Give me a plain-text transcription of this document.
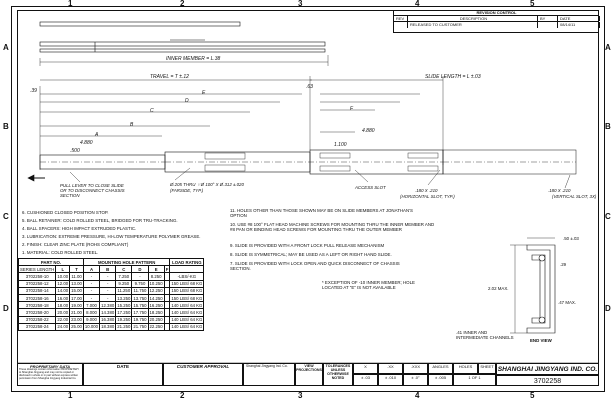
1	2	3	4	5
A
B
C
D
A
B
C
D
1	2	3	4	5
REVISION CONTROL
REV	DESCRIPTION	BY	DATE
RELEASED TO CUSTOMER	08/14/11
INNER MEMBER = L.38
TRAVEL = T ±.12	SLIDE LENGTH = L ±.03
.39
.63
E
D
C
B
A
F
4.880
.500
4.880
1.100
PULL LEVER TO CLOSE SLIDE OR TO DISCONNECT CHASSIS SECTION
Ø.205 THRU ⌔Ø 100° X Ø.312 ±.020 (FARSIDE, TYP.)
ACCESS SLOT
.180 X .210
(HORIZONTAL SLOT, TYP.)
.180 X .210
(VERTICAL SLOT, 3X)
6. CUSHIONED CLOSED POSITION STOP.
5. BALL RETAINER: COLD ROLLED STEEL, BRIDGED FOR TRU-TRACKING.
4. BALL SPACERS: HIGH IMPACT EXTRUDED PLASTIC.
3. LUBRICATION: EXTREME PRESSURE, HI-LOW TEMPERATURE POLYMER GREASE.
2. FINISH: CLEAR ZINC PLATE (ROHS COMPLIANT)
1. MATERIAL: COLD ROLLED STEEL.
11. HOLES OTHER THAN THOSE SHOWN MAY BE ON SLIDE MEMBERS AT JONATHAN'S OPTION
10. USE #8 100° FLAT HEAD MACHINE SCREWS FOR MOUNTING THRU THE INNER MEMBER AND #8 PAN OR BINDING HEAD SCREWS FOR MOUNTING THRU THE OUTER MEMBER
9. SLIDE IS PROVIDED WITH A FRONT LOCK PULL RELEASE MECHANISM
8. SLIDE IS SYMMETRICAL; MAY BE USED AS A LEFT OR RIGHT HAND SLIDE.
7. SLIDE IS PROVIDED WITH LOCK OPEN AND QUICK DISCONNECT OF CHASSIS SECTION.
* EXCEPTION OF -10 INNER MEMBER; HOLE LOCATED AT "E" IS NOT AVAILABLE
END VIEW
2.02 MAX.
.50 ±.03
.29
.47 MAX.
.41 INNER AND INTERMEDIATE CHANNELS
PART NO.			MOUNTING HOLE PATTERN						LOAD RATING
SERIES LENGTH	L	T	A	B	C	D	E	F	
3702258-10	10.00	11.00	-	-	7.250	-	8.250		-LBS/-KG
3702258-12	12.00	13.00	-	-	9.250	9.750	10.250		150 LBS/ 68 KG
3702258-14	14.00	15.00	-	-	11.250	11.750	12.250		150 LBS/ 68 KG
3702258-16	16.00	17.00	-	-	13.250	13.750	14.250		150 LBS/ 68 KG
3702258-18	18.00	19.00	7.000	12.380	15.250	15.750	16.250		140 LBS/ 64 KG
3702258-20	20.00	21.00	8.000	14.380	17.250	17.750	18.250		140 LBS/ 64 KG
3702258-22	22.00	23.00	9.000	16.380	19.250	19.750	20.250		140 LBS/ 64 KG
3702258-24	24.00	25.00	10.000	18.380	21.250	21.750	22.250		140 LBS/ 64 KG
PROPRIETARY DATA
These drawings contain information PROPRIETARY to Shanghai Jingyang and may not be copied or disclosed in whole or in part without express written permission from Shanghai Jingyang Industrial Co.
DATE	CUSTOMER APPROVAL	Shanghai Jingyang Ind. Co.	VIEW PROJECTIONS
TOLERANCES UNLESS OTHERWISE NOTED
X	.XX	.XXX	ANGLES	HOLES	SHEET
± .03	± .010	± .0°	± .005	1 OF 1
SHANGHAI JINGYANG IND. CO.
3702258
